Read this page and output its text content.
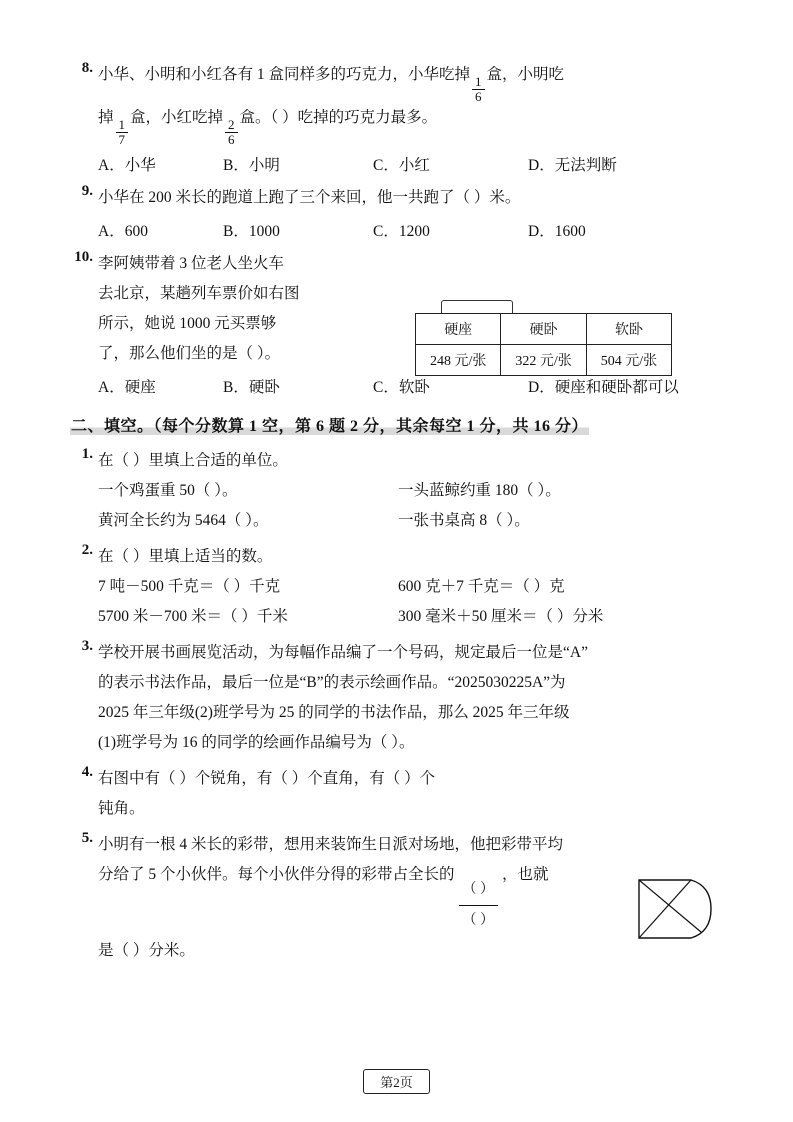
8. 小华、小明和小红各有 1 盒同样多的巧克力，小华吃掉
$\frac{1}{6}$
盒，小明吃
掉
$\frac{1}{7}$
盒，小红吃掉
$\frac{2}{6}$
盒。（ ）吃掉的巧克力最多。
A．小华	B．小明	C．小红	D．无法判断
9. 小华在 200 米长的跑道上跑了三个来回，他一共跑了（ ）米。
A．600	B．1000	C．1200	D．1600
10. 李阿姨带着 3 位老人坐火车
去北京，某趟列车票价如右图
所示，她说 1000 元买票够
了，那么他们坐的是（ ）。
A．硬座	B．硬卧	C．软卧	D．硬座和硬卧都可以
硬座	硬卧	软卧
248 元/张	322 元/张	504 元/张
二、填空。（每个分数算 1 空，第 6 题 2 分，其余每空 1 分，共 16 分）
1. 在（ ）里填上合适的单位。
一个鸡蛋重 50（ ）。	一头蓝鲸约重 180（ ）。
黄河全长约为 5464（ ）。	一张书桌高 8（ ）。
2. 在（ ）里填上适当的数。
7 吨－500 千克＝（ ）千克	600 克＋7 千克＝（ ）克
5700 米－700 米＝（ ）千米	300 毫米＋50 厘米＝（ ）分米
3. 学校开展书画展览活动，为每幅作品编了一个号码，规定最后一位是“A”
的表示书法作品，最后一位是“B”的表示绘画作品。“2025030225A”为
2025 年三年级(2)班学号为 25 的同学的书法作品，那么 2025 年三年级
(1)班学号为 16 的同学的绘画作品编号为（ ）。
4. 右图中有（ ）个锐角，有（ ）个直角，有（ ）个
钝角。
5. 小明有一根 4 米长的彩带，想用来装饰生日派对场地，他把彩带平均
分给了 5 个小伙伴。每个小伙伴分得的彩带占全长的
$\frac{( )}{( )}$
，也就
是（ ）分米。
第2页
